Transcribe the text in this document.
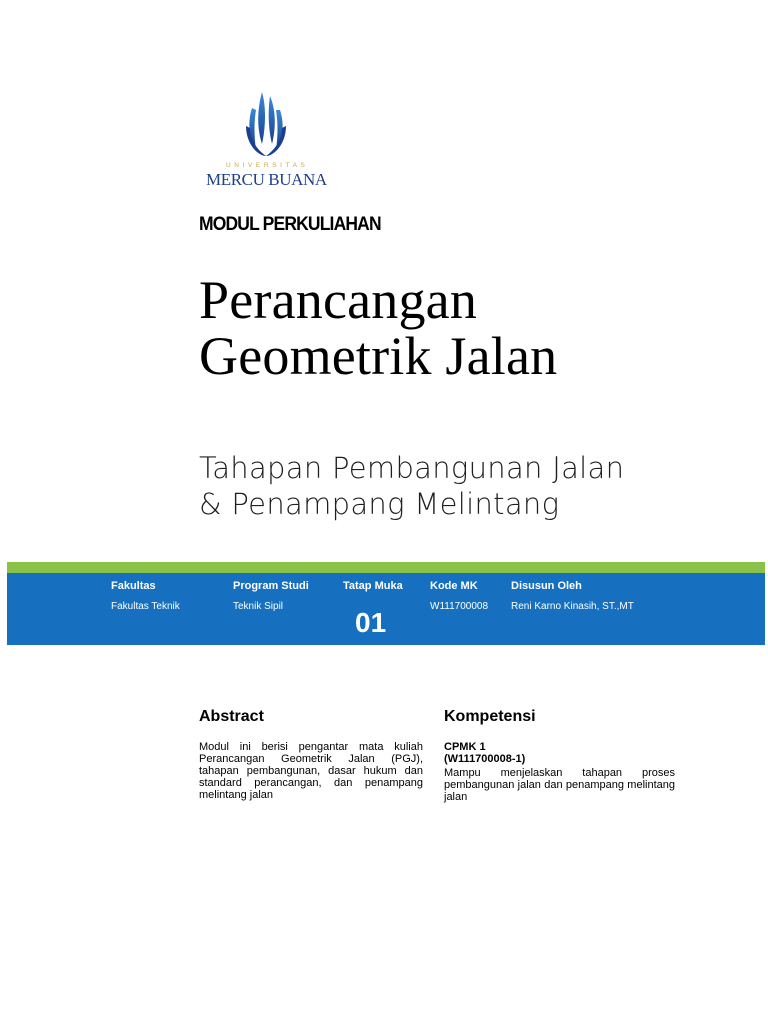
UNIVERSITAS
MERCU BUANA
MODUL PERKULIAHAN
Perancangan
Geometrik Jalan
Tahapan Pembangunan Jalan
& Penampang Melintang
Fakultas
Fakultas Teknik
Program Studi
Teknik Sipil
Tatap Muka
01
Kode MK
W111700008
Disusun Oleh
Reni Karno Kinasih, ST.,MT
Abstract
Modul ini berisi pengantar mata kuliah Perancangan Geometrik Jalan (PGJ), tahapan pembangunan, dasar hukum dan standard perancangan, dan penampang melintang jalan
Kompetensi
CPMK 1
(W111700008-1)
Mampu menjelaskan tahapan proses pembangunan jalan dan penampang melintang jalan
